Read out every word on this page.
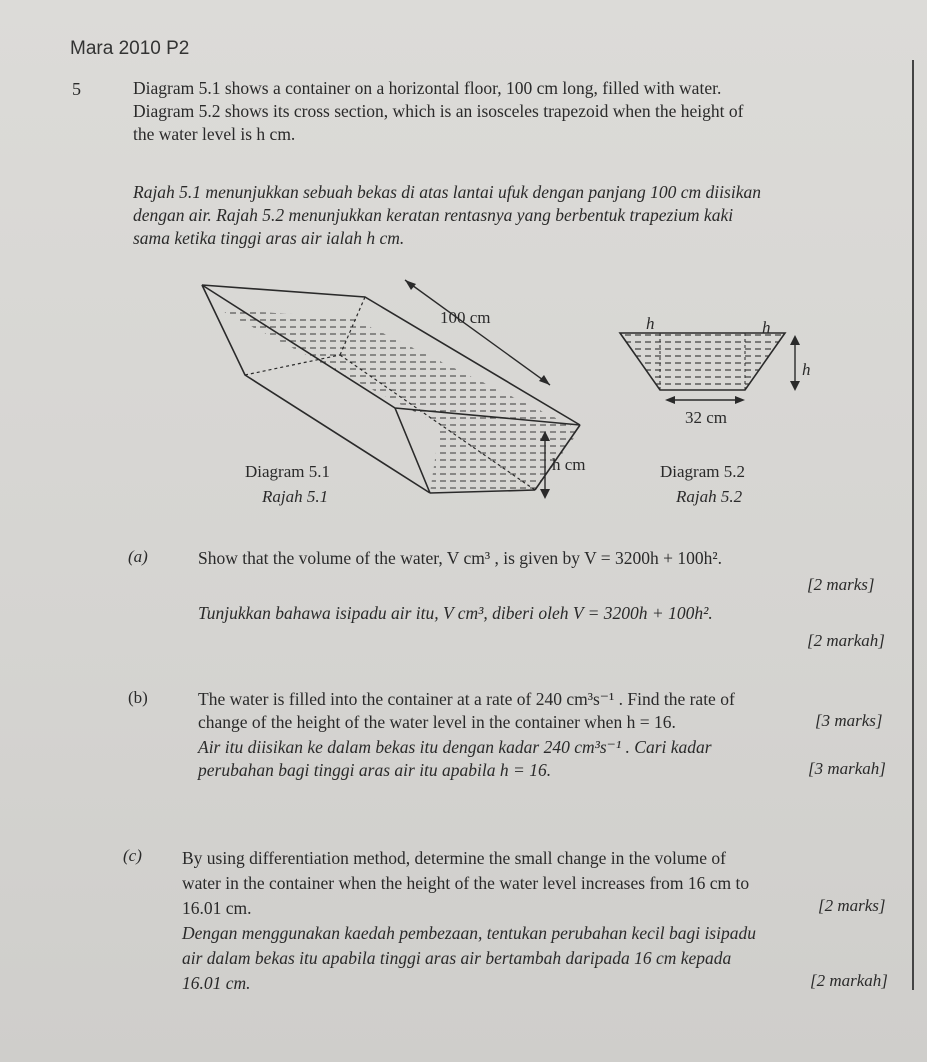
Mara 2010 P2
5	Diagram 5.1 shows a container on a horizontal floor, 100 cm long, filled with water.
Diagram 5.2 shows its cross section, which is an isosceles trapezoid when the height of
the water level is h cm.
Rajah 5.1 menunjukkan sebuah bekas di atas lantai ufuk dengan panjang 100 cm diisikan
dengan air. Rajah 5.2 menunjukkan keratan rentasnya yang berbentuk trapezium kaki
sama ketika tinggi aras air ialah h cm.
100 cm
h cm
Diagram 5.1
Rajah 5.1
h	h
h
32 cm
Diagram 5.2
Rajah 5.2
(a)	Show that the volume of the water, V cm³ , is given by V = 3200h + 100h².
[2 marks]
Tunjukkan bahawa isipadu air itu, V cm³, diberi oleh V = 3200h + 100h².
[2 markah]
(b)	The water is filled into the container at a rate of 240 cm³s⁻¹ . Find the rate of
change of the height of the water level in the container when h = 16.	[3 marks]
Air itu diisikan ke dalam bekas itu dengan kadar 240 cm³s⁻¹ . Cari kadar
perubahan bagi tinggi aras air itu apabila h = 16.	[3 markah]
(c) By using differentiation method, determine the small change in the volume of
water in the container when the height of the water level increases from 16 cm to
16.01 cm.	[2 marks]
Dengan menggunakan kaedah pembezaan, tentukan perubahan kecil bagi isipadu
air dalam bekas itu apabila tinggi aras air bertambah daripada 16 cm kepada
16.01 cm.	[2 markah]
